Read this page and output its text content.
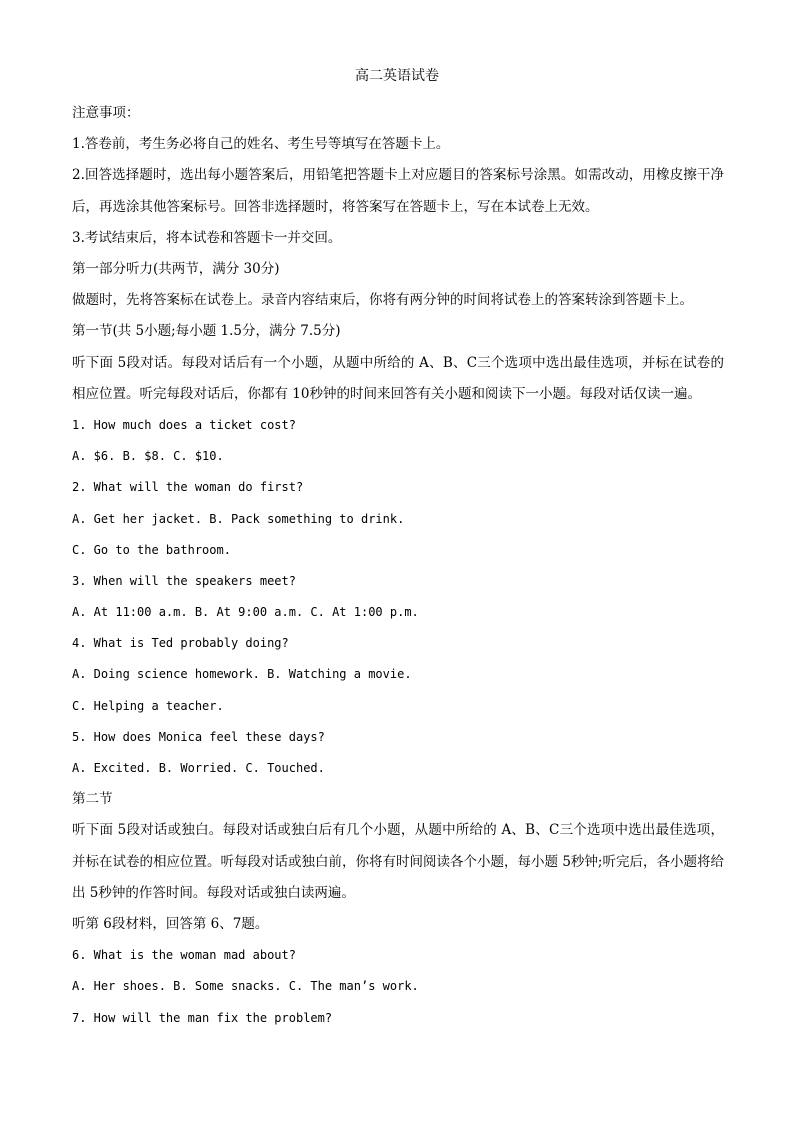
高二英语试卷
注意事项：
1.答卷前，考生务必将自己的姓名、考生号等填写在答题卡上。
2.回答选择题时，选出每小题答案后，用铅笔把答题卡上对应题目的答案标号涂黑。如需改动，用橡皮擦干净后，再选涂其他答案标号。回答非选择题时，将答案写在答题卡上，写在本试卷上无效。
3.考试结束后，将本试卷和答题卡一并交回。
第一部分听力(共两节，满分 30分)
做题时，先将答案标在试卷上。录音内容结束后，你将有两分钟的时间将试卷上的答案转涂到答题卡上。
第一节(共 5小题;每小题 1.5分，满分 7.5分)
听下面 5段对话。每段对话后有一个小题，从题中所给的 A、B、C三个选项中选出最佳选项，并标在试卷的相应位置。听完每段对话后，你都有 10秒钟的时间来回答有关小题和阅读下一小题。每段对话仅读一遍。
1. How much does a ticket cost?
A. $6. B. $8. C. $10.
2. What will the woman do first?
A. Get her jacket. B. Pack something to drink.
C. Go to the bathroom.
3. When will the speakers meet?
A. At 11:00 a.m. B. At 9:00 a.m. C. At 1:00 p.m.
4. What is Ted probably doing?
A. Doing science homework. B. Watching a movie.
C. Helping a teacher.
5. How does Monica feel these days?
A. Excited. B. Worried. C. Touched.
第二节
听下面 5段对话或独白。每段对话或独白后有几个小题，从题中所给的 A、B、C三个选项中选出最佳选项，并标在试卷的相应位置。听每段对话或独白前，你将有时间阅读各个小题，每小题 5秒钟;听完后，各小题将给出 5秒钟的作答时间。每段对话或独白读两遍。
听第 6段材料，回答第 6、7题。
6. What is the woman mad about?
A. Her shoes. B. Some snacks. C. The man’s work.
7. How will the man fix the problem?
